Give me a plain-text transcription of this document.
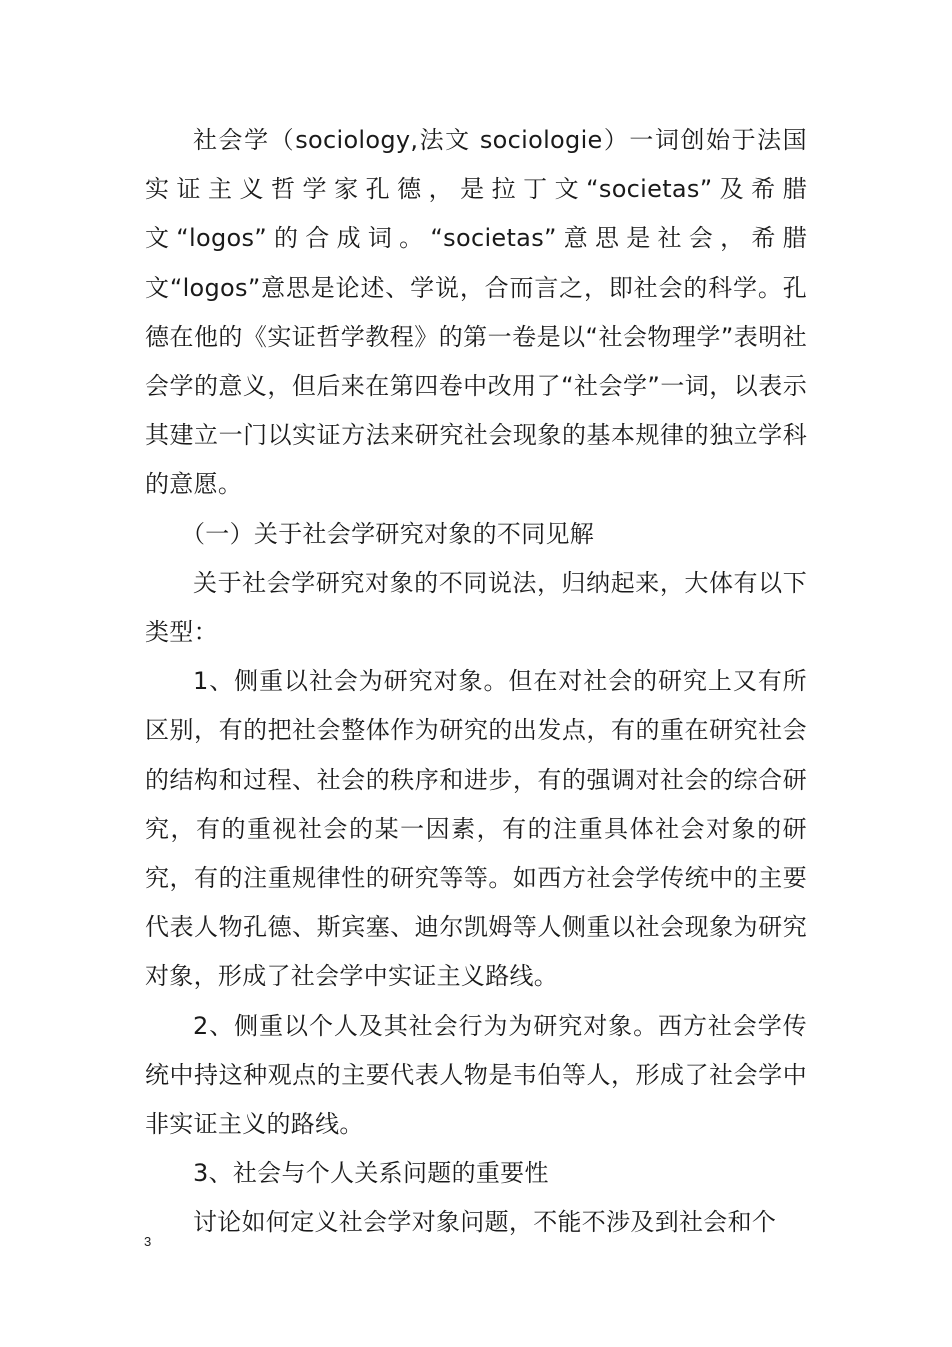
社会学（sociology,法文 sociologie）一词创始于法国实证主义哲学家孔德，是拉丁文“societas”及希腊文“logos”的合成词。“societas”意思是社会，希腊文“logos”意思是论述、学说，合而言之，即社会的科学。孔德在他的《实证哲学教程》的第一卷是以“社会物理学”表明社会学的意义，但后来在第四卷中改用了“社会学”一词，以表示其建立一门以实证方法来研究社会现象的基本规律的独立学科的意愿。

（一）关于社会学研究对象的不同见解

关于社会学研究对象的不同说法，归纳起来，大体有以下类型：

1、侧重以社会为研究对象。但在对社会的研究上又有所区别，有的把社会整体作为研究的出发点，有的重在研究社会的结构和过程、社会的秩序和进步，有的强调对社会的综合研究，有的重视社会的某一因素，有的注重具体社会对象的研究，有的注重规律性的研究等等。如西方社会学传统中的主要代表人物孔德、斯宾塞、迪尔凯姆等人侧重以社会现象为研究对象，形成了社会学中实证主义路线。

2、侧重以个人及其社会行为为研究对象。西方社会学传统中持这种观点的主要代表人物是韦伯等人，形成了社会学中非实证主义的路线。

3、社会与个人关系问题的重要性

讨论如何定义社会学对象问题，不能不涉及到社会和个

3
